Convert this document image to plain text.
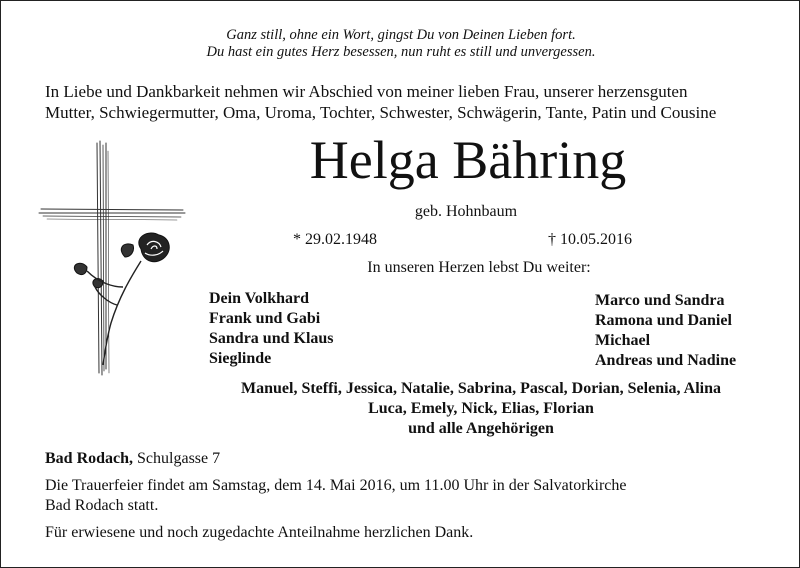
Ganz still, ohne ein Wort, gingst Du von Deinen Lieben fort.
Du hast ein gutes Herz besessen, nun ruht es still und unvergessen.
In Liebe und Dankbarkeit nehmen wir Abschied von meiner lieben Frau, unserer herzensguten
Mutter, Schwiegermutter, Oma, Uroma, Tochter, Schwester, Schwägerin, Tante, Patin und Cousine
Helga Bähring
geb. Hohnbaum
* 29.02.1948	† 10.05.2016
In unseren Herzen lebst Du weiter:
Dein Volkhard
Frank und Gabi
Sandra und Klaus
Sieglinde
Marco und Sandra
Ramona und Daniel
Michael
Andreas und Nadine
Manuel, Steffi, Jessica, Natalie, Sabrina, Pascal, Dorian, Selenia, Alina
Luca, Emely, Nick, Elias, Florian
und alle Angehörigen
Bad Rodach, Schulgasse 7
Die Trauerfeier findet am Samstag, dem 14. Mai 2016, um 11.00 Uhr in der Salvatorkirche
Bad Rodach statt.
Für erwiesene und noch zugedachte Anteilnahme herzlichen Dank.
